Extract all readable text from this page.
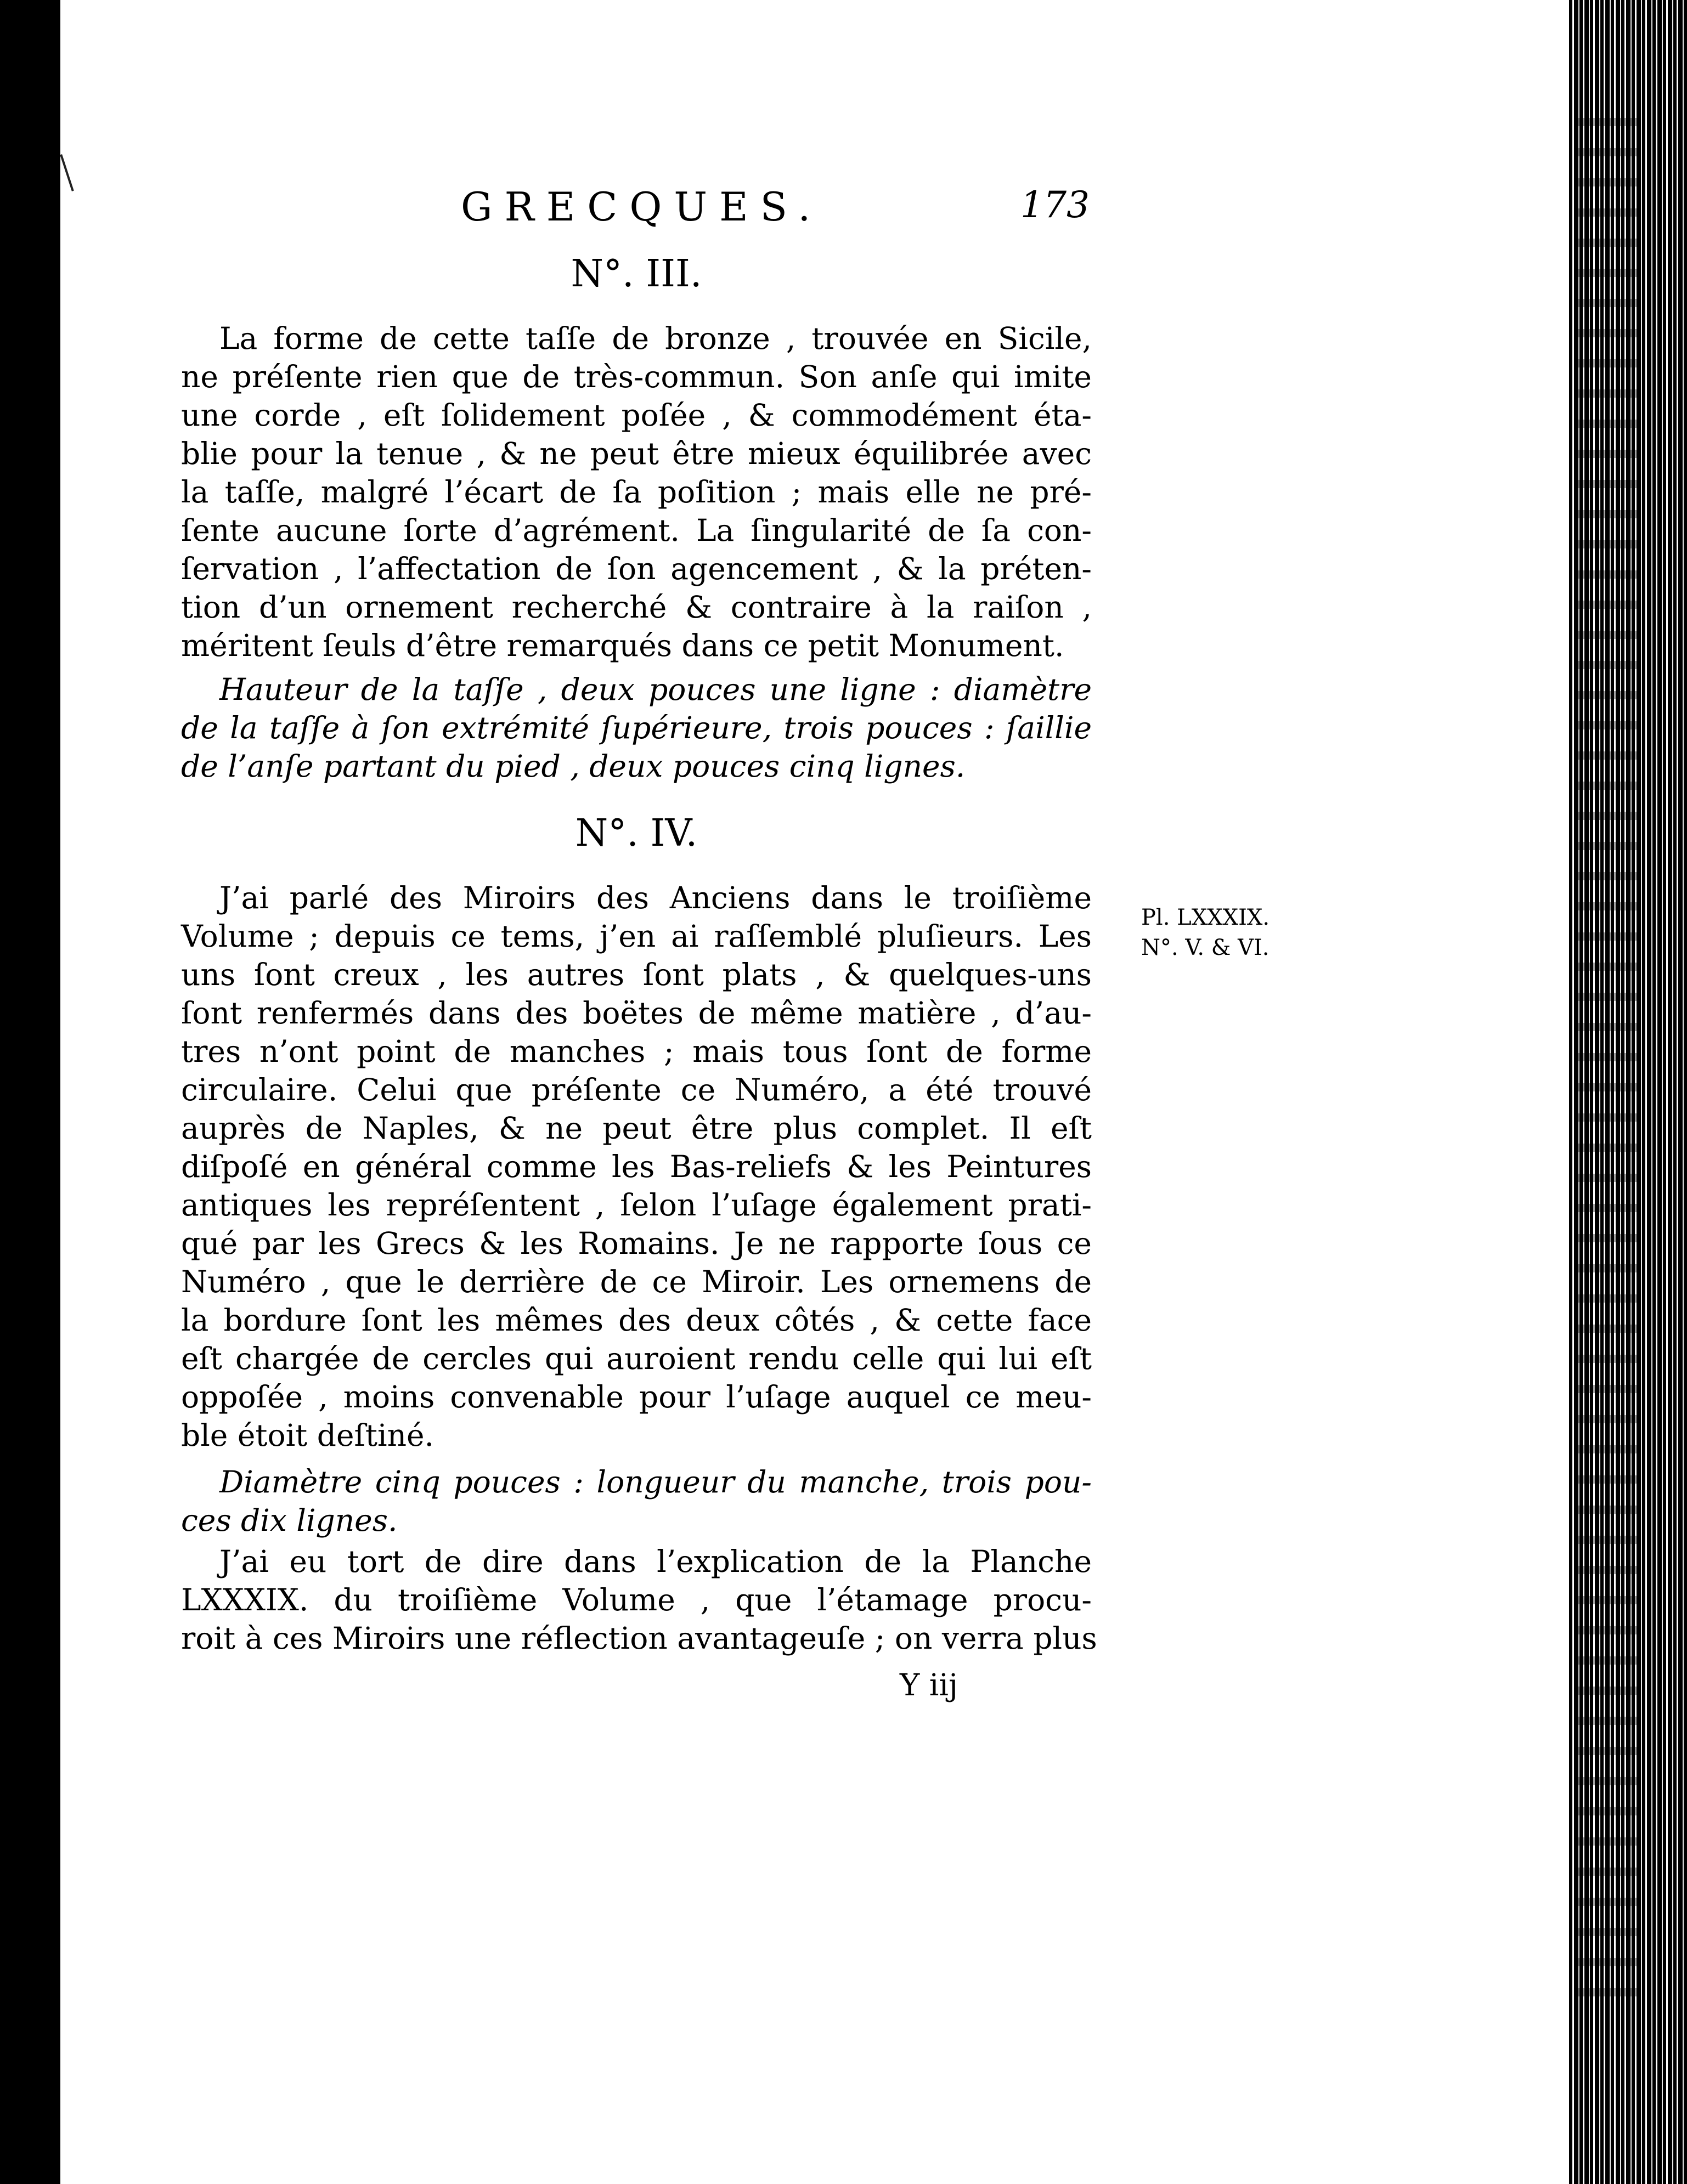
GRECQUES.	173
N°. III.
La forme de cette taſſe de bronze , trouvée en Sicile,
ne préſente rien que de très-commun. Son anſe qui imite
une corde , eſt ſolidement poſée , & commodément éta-
blie pour la tenue , & ne peut être mieux équilibrée avec
la taſſe, malgré l’écart de ſa poſition ; mais elle ne pré-
ſente aucune ſorte d’agrément. La ſingularité de ſa con-
ſervation , l’affectation de ſon agencement , & la préten-
tion d’un ornement recherché & contraire à la raiſon ,
méritent ſeuls d’être remarqués dans ce petit Monument.
Hauteur de la taſſe , deux pouces une ligne : diamètre
de la taſſe à ſon extrémité ſupérieure, trois pouces : ſaillie
de l’anſe partant du pied , deux pouces cinq lignes.
N°. IV.
Pl. LXXXIX.
N°. V. & VI.
J’ai parlé des Miroirs des Anciens dans le troiſième
Volume ; depuis ce tems, j’en ai raſſemblé pluſieurs. Les
uns ſont creux , les autres ſont plats , & quelques-uns
ſont renfermés dans des boëtes de même matière , d’au-
tres n’ont point de manches ; mais tous ſont de forme
circulaire. Celui que préſente ce Numéro, a été trouvé
auprès de Naples, & ne peut être plus complet. Il eſt
diſpoſé en général comme les Bas-reliefs & les Peintures
antiques les repréſentent , ſelon l’uſage également prati-
qué par les Grecs & les Romains. Je ne rapporte ſous ce
Numéro , que le derrière de ce Miroir. Les ornemens de
la bordure ſont les mêmes des deux côtés , & cette face
eſt chargée de cercles qui auroient rendu celle qui lui eſt
oppoſée , moins convenable pour l’uſage auquel ce meu-
ble étoit deſtiné.
Diamètre cinq pouces : longueur du manche, trois pou-
ces dix lignes.
J’ai eu tort de dire dans l’explication de la Planche
LXXXIX. du troiſième Volume , que l’étamage procu-
roit à ces Miroirs une réflection avantageuſe ; on verra plus
Y iij
